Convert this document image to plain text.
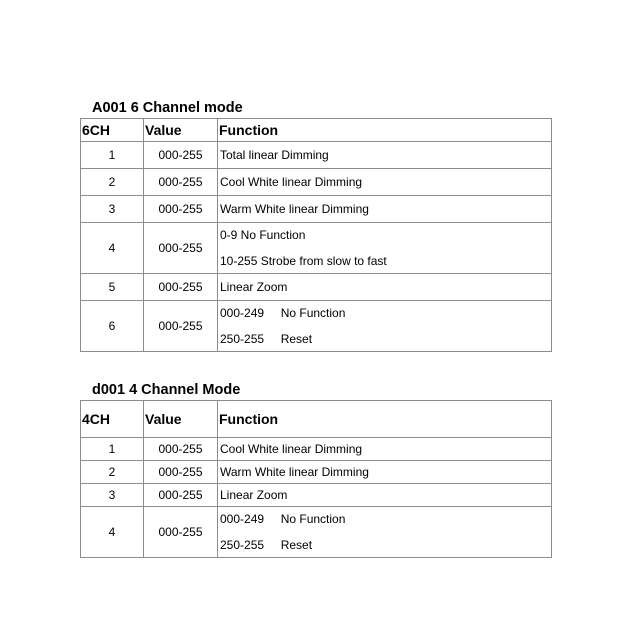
A001 6 Channel mode
6CH	Value	Function
1	000-255	Total linear Dimming

2	000-255	Cool White linear Dimming

3	000-255	Warm White linear Dimming

4	000-255	0-9 No Function
10-255 Strobe from slow to fast

5	000-255	Linear Zoom

6	000-255	000-249     No Function
250-255     Reset
d001 4 Channel Mode
4CH	Value	Function
1	000-255	Cool White linear Dimming

2	000-255	Warm White linear Dimming

3	000-255	Linear Zoom

4	000-255	000-249     No Function
250-255     Reset
